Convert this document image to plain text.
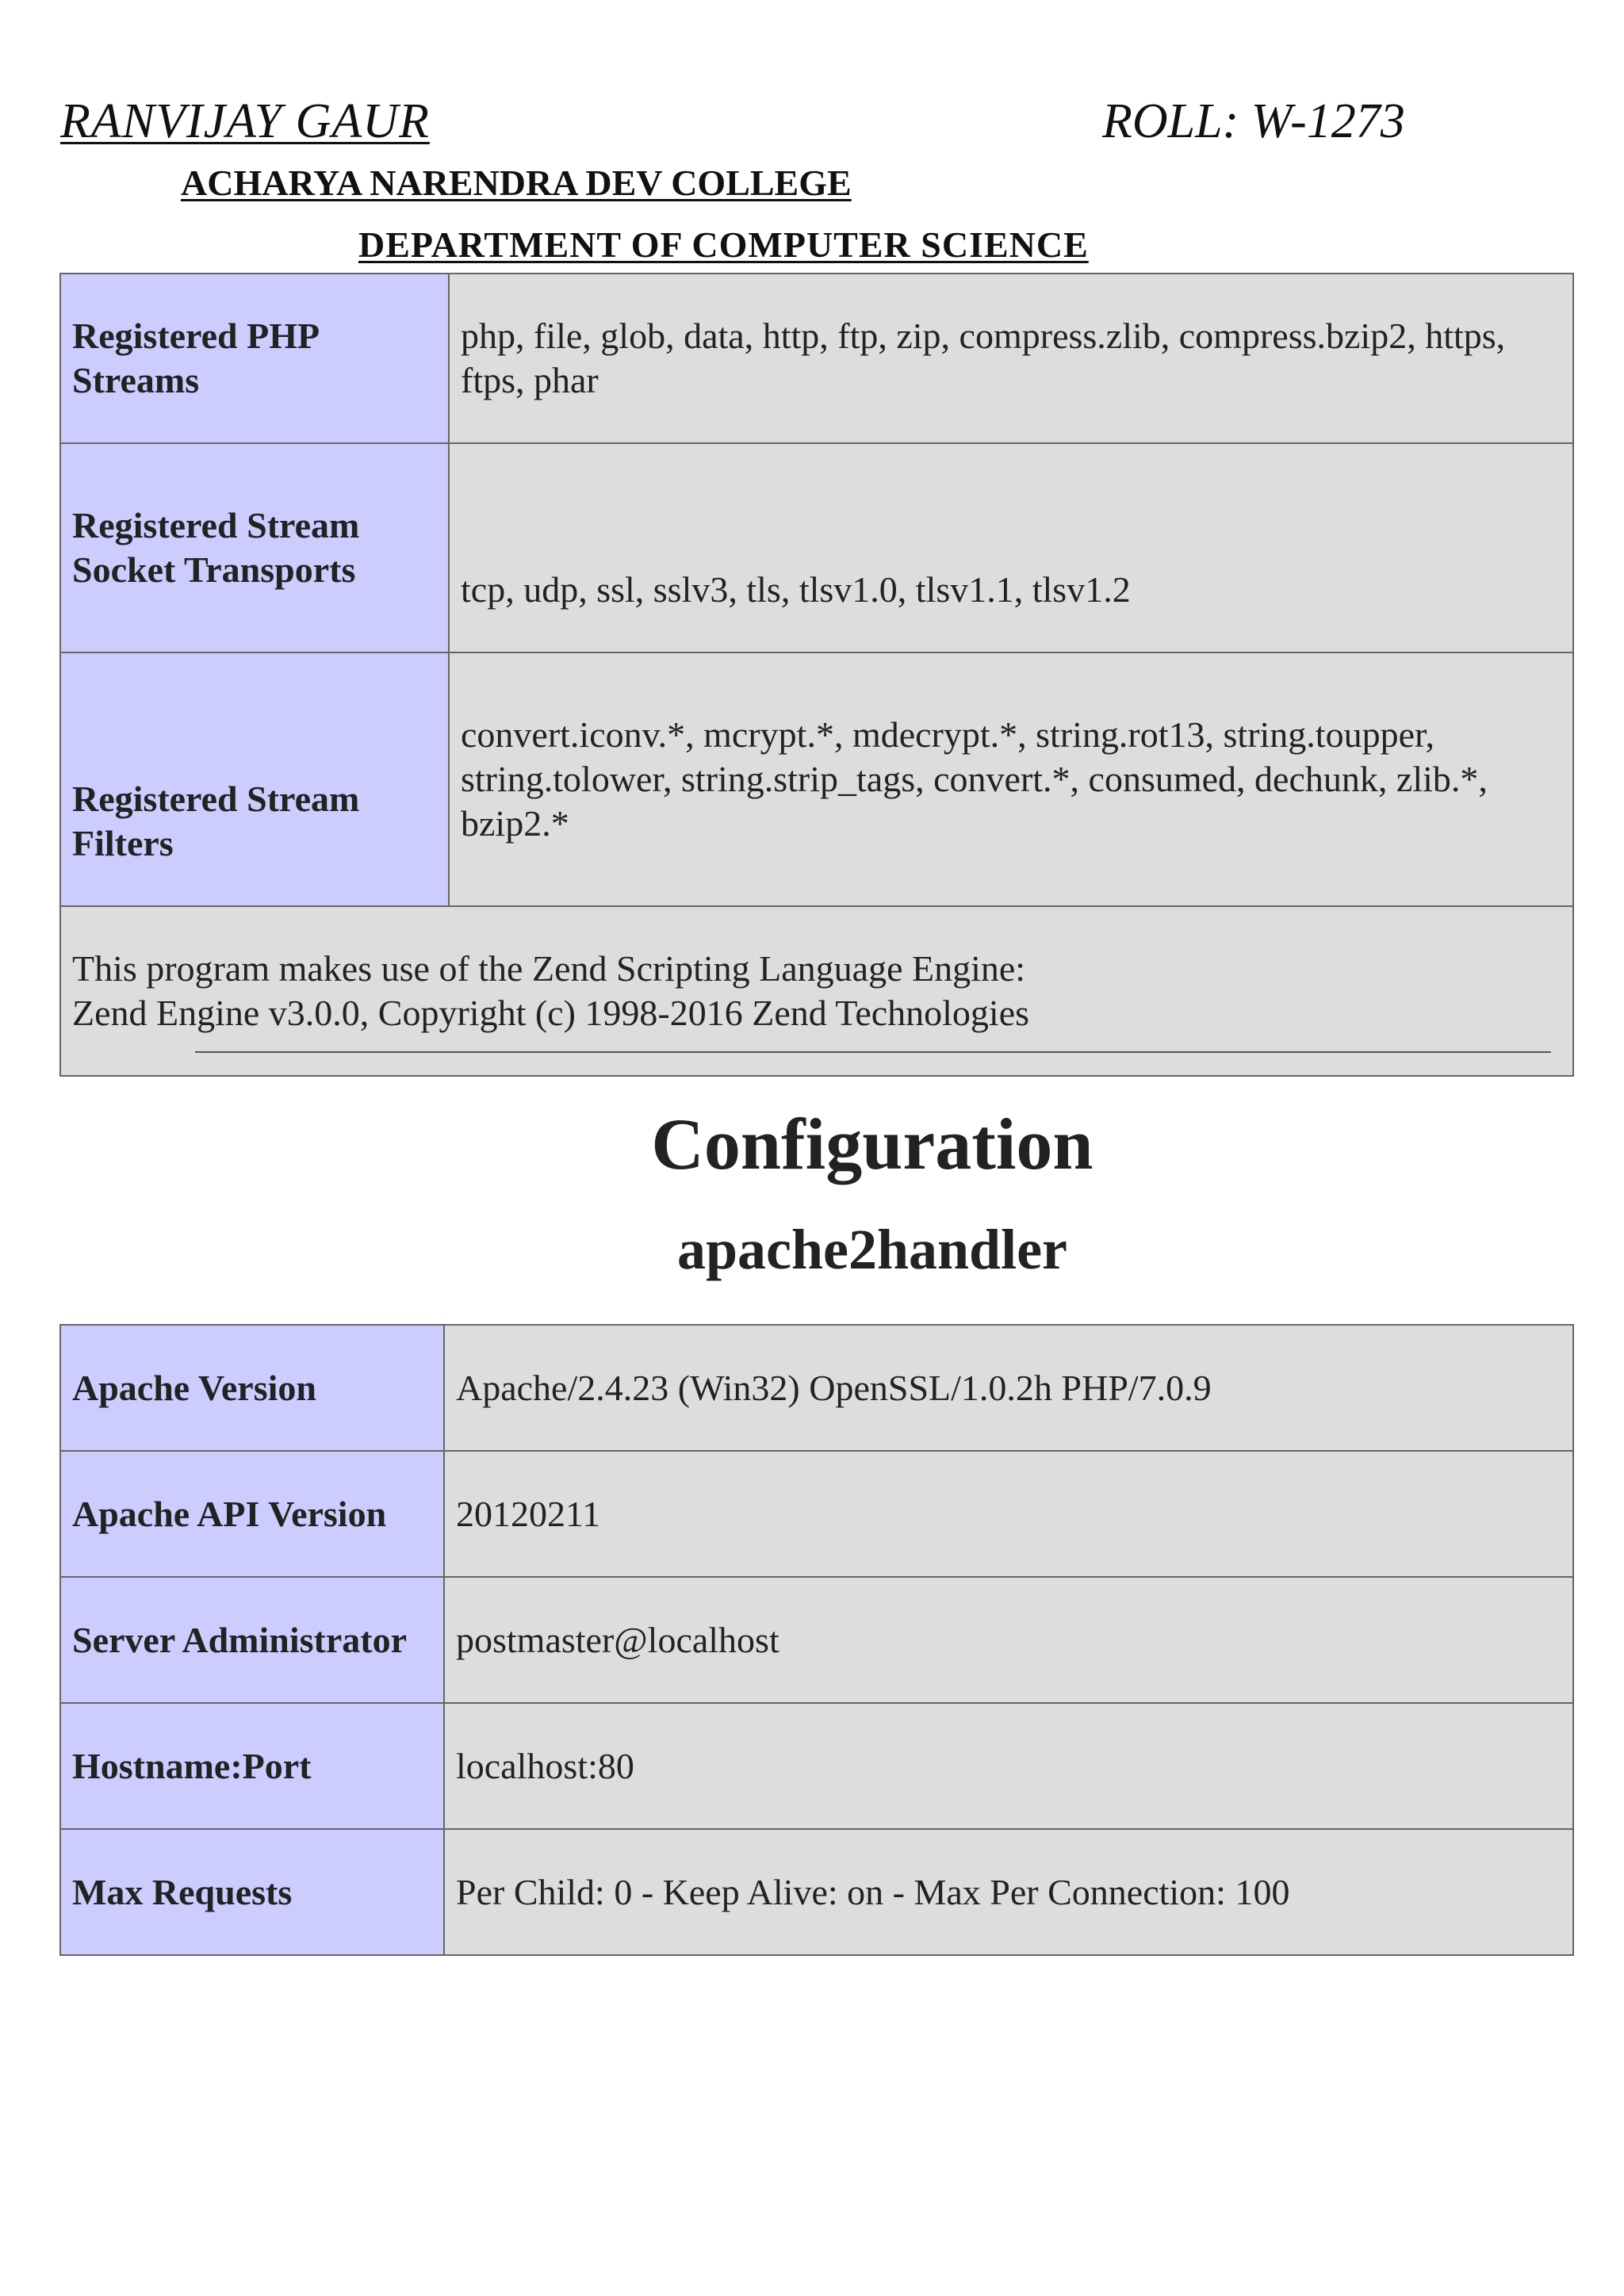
RANVIJAY GAUR	ROLL: W-1273
ACHARYA NARENDRA DEV COLLEGE
DEPARTMENT OF COMPUTER SCIENCE
Registered PHP Streams	php, file, glob, data, http, ftp, zip, compress.zlib, compress.bzip2, https, ftps, phar
Registered Stream Socket Transports	tcp, udp, ssl, sslv3, tls, tlsv1.0, tlsv1.1, tlsv1.2
Registered Stream Filters	convert.iconv.*, mcrypt.*, mdecrypt.*, string.rot13, string.toupper, string.tolower, string.strip_tags, convert.*, consumed, dechunk, zlib.*, bzip2.*

This program makes use of the Zend Scripting Language Engine:
Zend Engine v3.0.0, Copyright (c) 1998-2016 Zend Technologies	
Configuration
apache2handler
Apache Version	Apache/2.4.23 (Win32) OpenSSL/1.0.2h PHP/7.0.9
Apache API Version	20120211
Server Administrator	postmaster@localhost
Hostname:Port	localhost:80
Max Requests	Per Child: 0 - Keep Alive: on - Max Per Connection: 100
